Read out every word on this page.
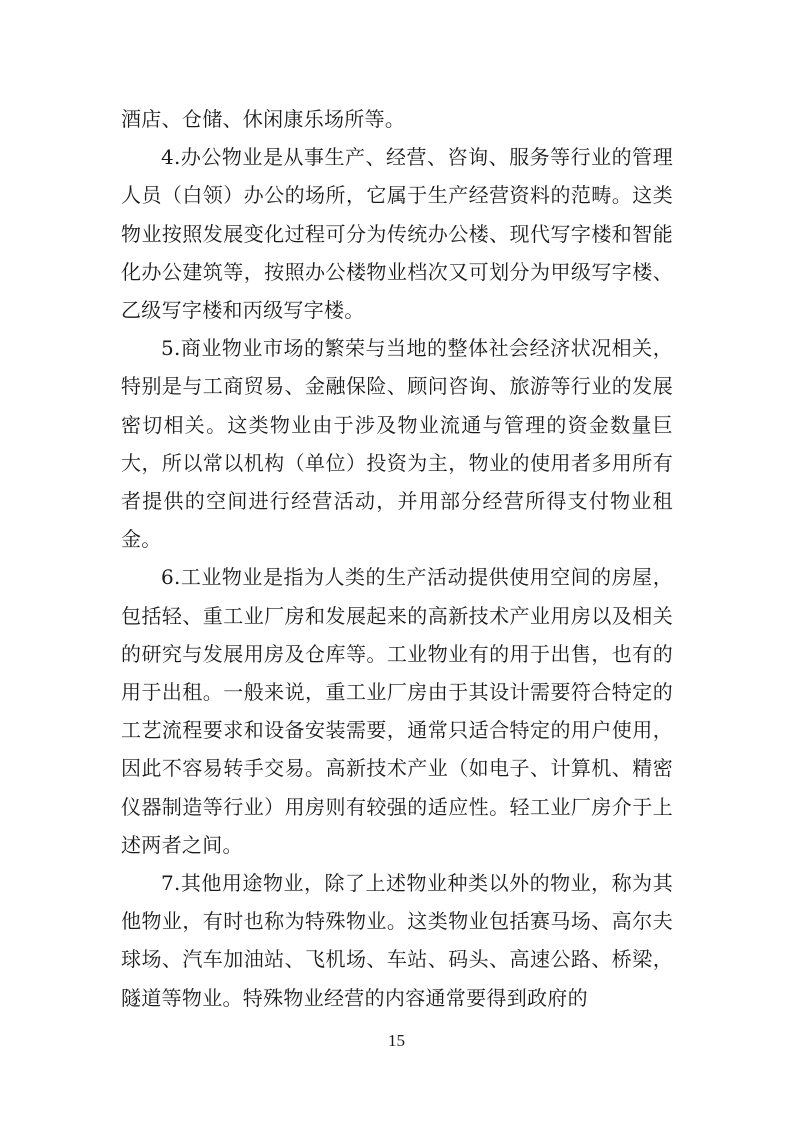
酒店、仓储、休闲康乐场所等。

4.办公物业是从事生产、经营、咨询、服务等行业的管理人员（白领）办公的场所，它属于生产经营资料的范畴。这类物业按照发展变化过程可分为传统办公楼、现代写字楼和智能化办公建筑等，按照办公楼物业档次又可划分为甲级写字楼、乙级写字楼和丙级写字楼。

5.商业物业市场的繁荣与当地的整体社会经济状况相关，特别是与工商贸易、金融保险、顾问咨询、旅游等行业的发展密切相关。这类物业由于涉及物业流通与管理的资金数量巨大，所以常以机构（单位）投资为主，物业的使用者多用所有者提供的空间进行经营活动，并用部分经营所得支付物业租金。

6.工业物业是指为人类的生产活动提供使用空间的房屋，包括轻、重工业厂房和发展起来的高新技术产业用房以及相关的研究与发展用房及仓库等。工业物业有的用于出售，也有的用于出租。一般来说，重工业厂房由于其设计需要符合特定的工艺流程要求和设备安装需要，通常只适合特定的用户使用，因此不容易转手交易。高新技术产业（如电子、计算机、精密仪器制造等行业）用房则有较强的适应性。轻工业厂房介于上述两者之间。

7.其他用途物业，除了上述物业种类以外的物业，称为其他物业，有时也称为特殊物业。这类物业包括赛马场、高尔夫球场、汽车加油站、飞机场、车站、码头、高速公路、桥梁，隧道等物业。特殊物业经营的内容通常要得到政府的

15
